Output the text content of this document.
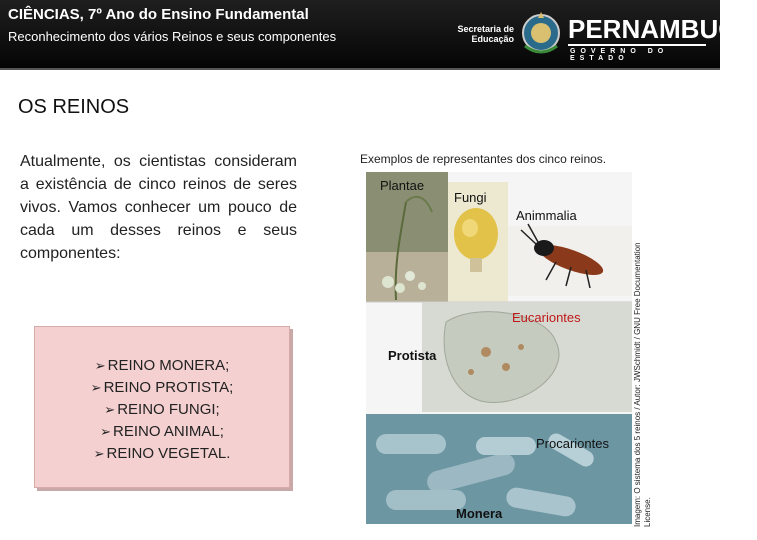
CIÊNCIAS, 7º Ano do Ensino Fundamental
Reconhecimento dos vários Reinos e seus componentes	Secretaria de Educação PERNAMBUCO
GOVERNO DO ESTADO
OS REINOS
Atualmente, os cientistas consideram a existência de cinco reinos de seres vivos. Vamos conhecer um pouco de cada um desses reinos e seus componentes:
➢ REINO MONERA;
➢ REINO PROTISTA;
➢ REINO FUNGI;
➢ REINO ANIMAL;
➢ REINO VEGETAL.
Exemplos de representantes dos cinco reinos.
Plantae
Fungi
Animmalia
Eucariontes
Protista
Procariontes
Monera	Imagem: O sistema dos 5 reinos / Autor: JWSchmidt / GNU Free Documentation License.
